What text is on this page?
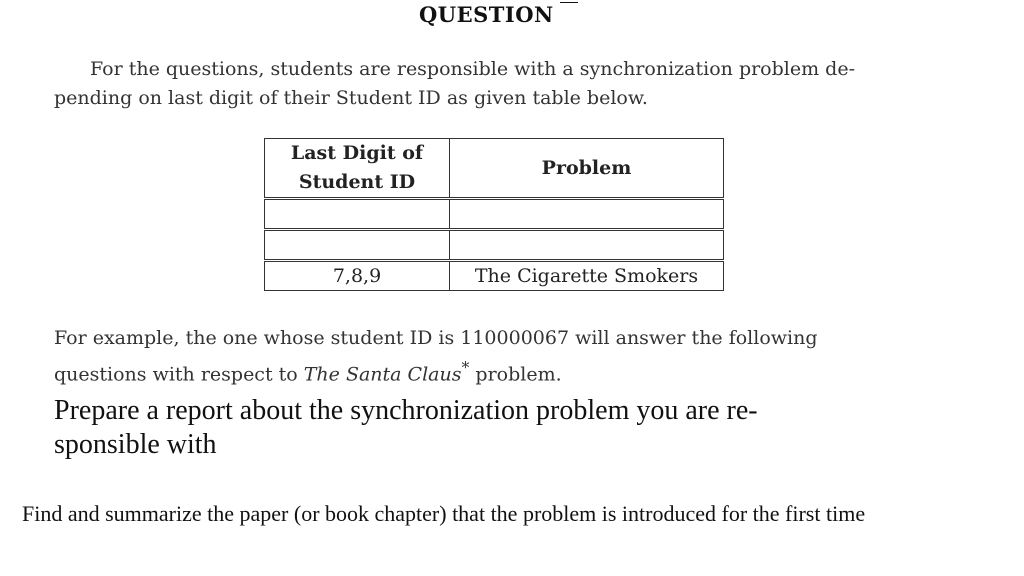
QUESTION

For the questions, students are responsible with a synchronization problem de-
pending on last digit of their Student ID as given table below.

Last Digit of
Student ID	Problem

7,8,9	The Cigarette Smokers

For example, the one whose student ID is 110000067 will answer the following
questions with respect to The Santa Claus* problem.

Prepare a report about the synchronization problem you are re-
sponsible with

Find and summarize the paper (or book chapter) that the problem is introduced for the first time
